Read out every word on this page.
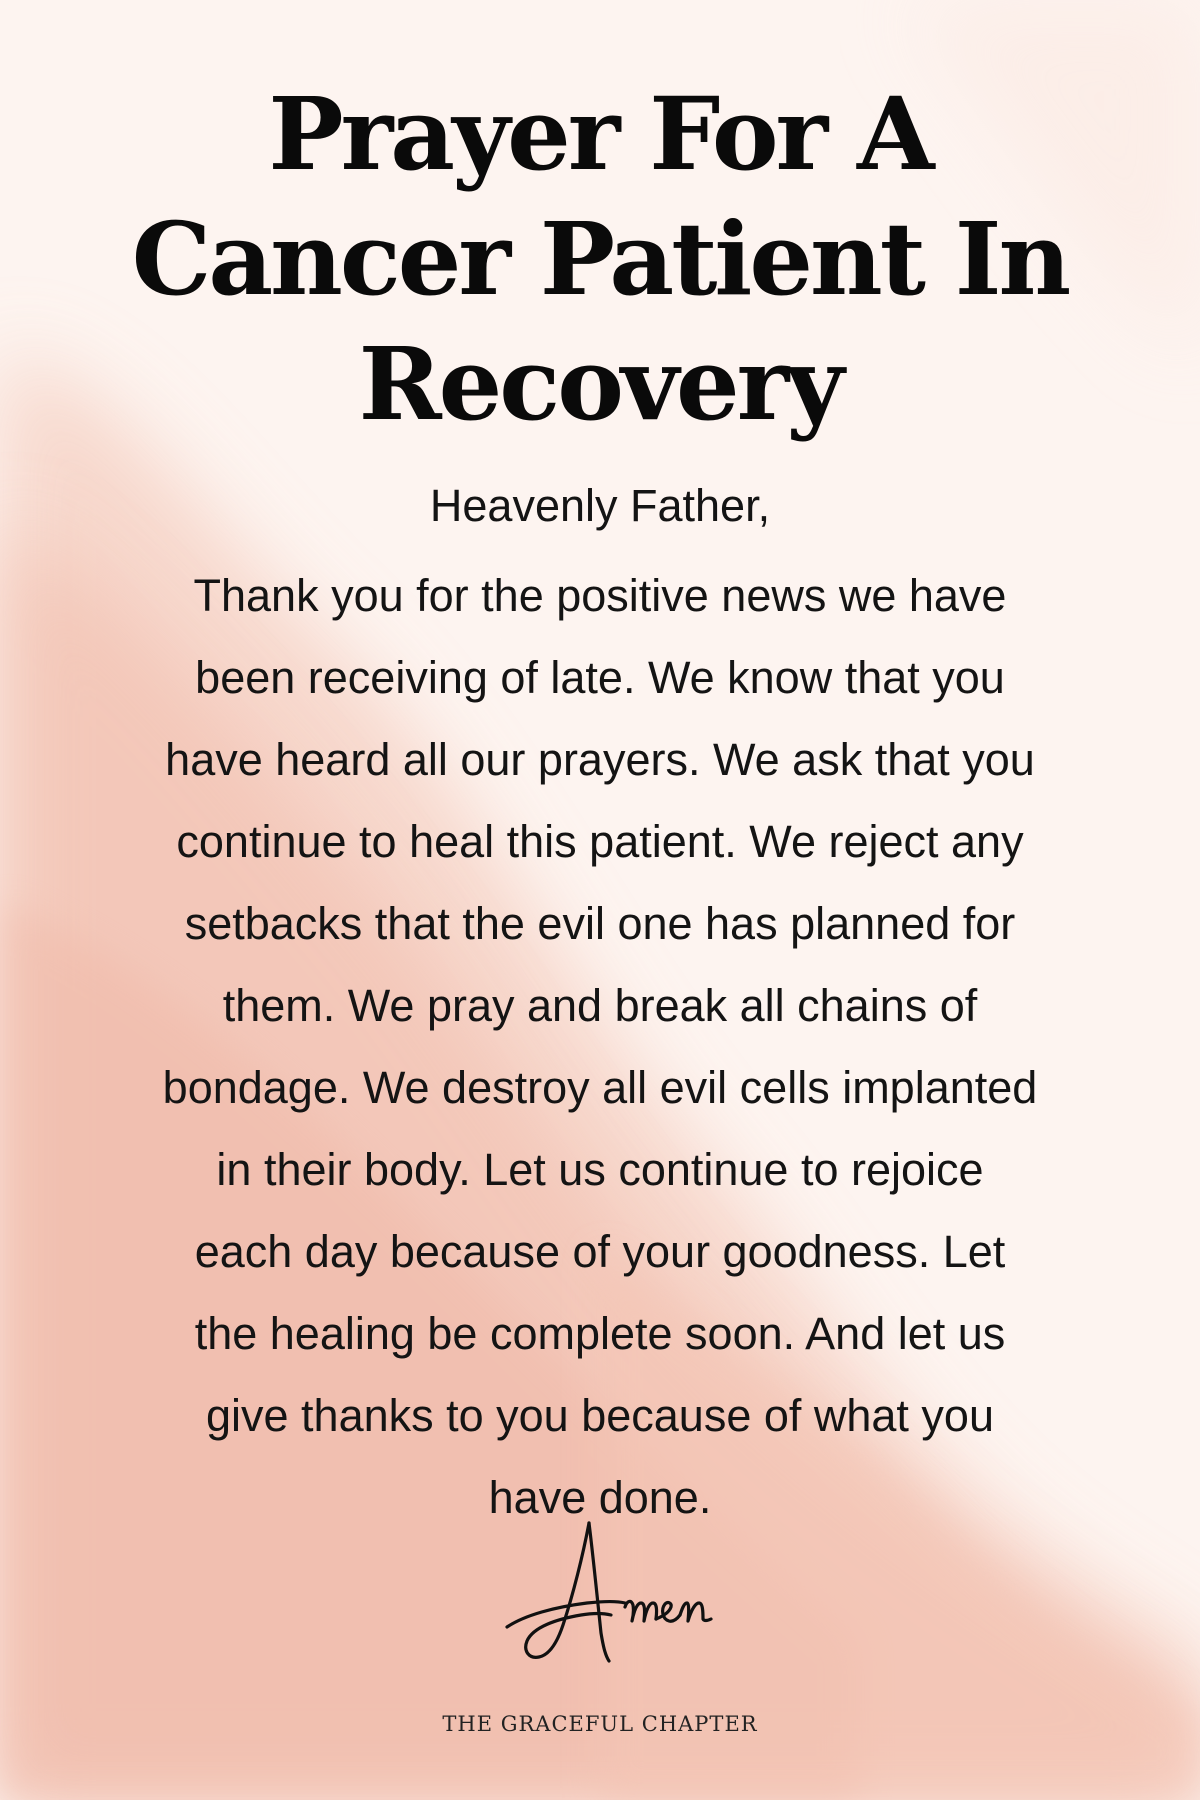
Prayer For A
Cancer Patient In
Recovery
Heavenly Father,
Thank you for the positive news we have
been receiving of late. We know that you
have heard all our prayers. We ask that you
continue to heal this patient. We reject any
setbacks that the evil one has planned for
them. We pray and break all chains of
bondage. We destroy all evil cells implanted
in their body. Let us continue to rejoice
each day because of your goodness. Let
the healing be complete soon. And let us
give thanks to you because of what you
have done.
THE GRACEFUL CHAPTER
